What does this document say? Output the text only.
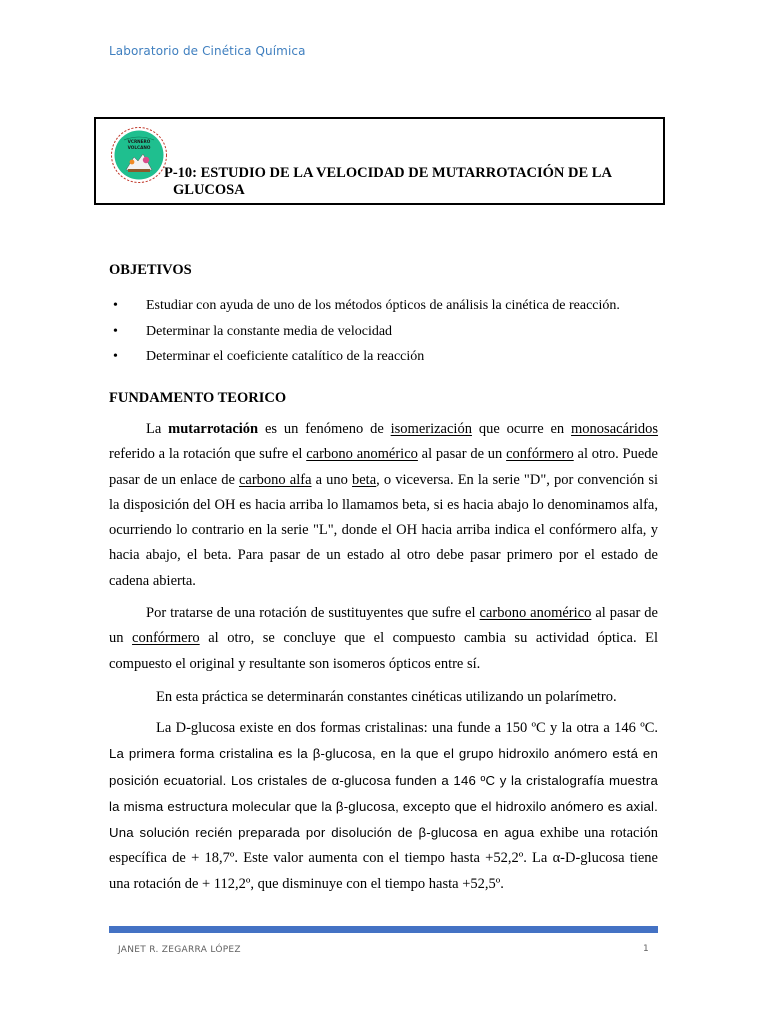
Laboratorio de Cinética Química
VCRNERO
VOLCANO
P-10: ESTUDIO DE LA VELOCIDAD DE MUTARROTACIÓN DE LA
GLUCOSA
OBJETIVOS
• Estudiar con ayuda de uno de los métodos ópticos de análisis la cinética de reacción.
• Determinar la constante media de velocidad
• Determinar el coeficiente catalítico de la reacción
FUNDAMENTO TEORICO

La mutarrotación es un fenómeno de isomerización que ocurre en monosacáridos referido a la rotación que sufre el carbono anomérico al pasar de un confórmero al otro. Puede pasar de un enlace de carbono alfa a uno beta, o viceversa. En la serie "D", por convención si la disposición del OH es hacia arriba lo llamamos beta, si es hacia abajo lo denominamos alfa, ocurriendo lo contrario en la serie "L", donde el OH hacia arriba indica el confórmero alfa, y hacia abajo, el beta. Para pasar de un estado al otro debe pasar primero por el estado de cadena abierta.

Por tratarse de una rotación de sustituyentes que sufre el carbono anomérico al pasar de un confórmero al otro, se concluye que el compuesto cambia su actividad óptica. El compuesto el original y resultante son isomeros ópticos entre sí.

En esta práctica se determinarán constantes cinéticas utilizando un polarímetro.

La D-glucosa existe en dos formas cristalinas: una funde a 150 ºC y la otra a 146 ºC. La primera forma cristalina es la β-glucosa, en la que el grupo hidroxilo anómero está en posición ecuatorial. Los cristales de α-glucosa funden a 146 ºC y la cristalografía muestra la misma estructura molecular que la β-glucosa, excepto que el hidroxilo anómero es axial. Una solución recién preparada por disolución de β-glucosa en agua exhibe una rotación específica de + 18,7º. Este valor aumenta con el tiempo hasta +52,2º. La α-D-glucosa tiene una rotación de + 112,2º, que disminuye con el tiempo hasta +52,5º.

JANET R. ZEGARRA LÓPEZ	1
